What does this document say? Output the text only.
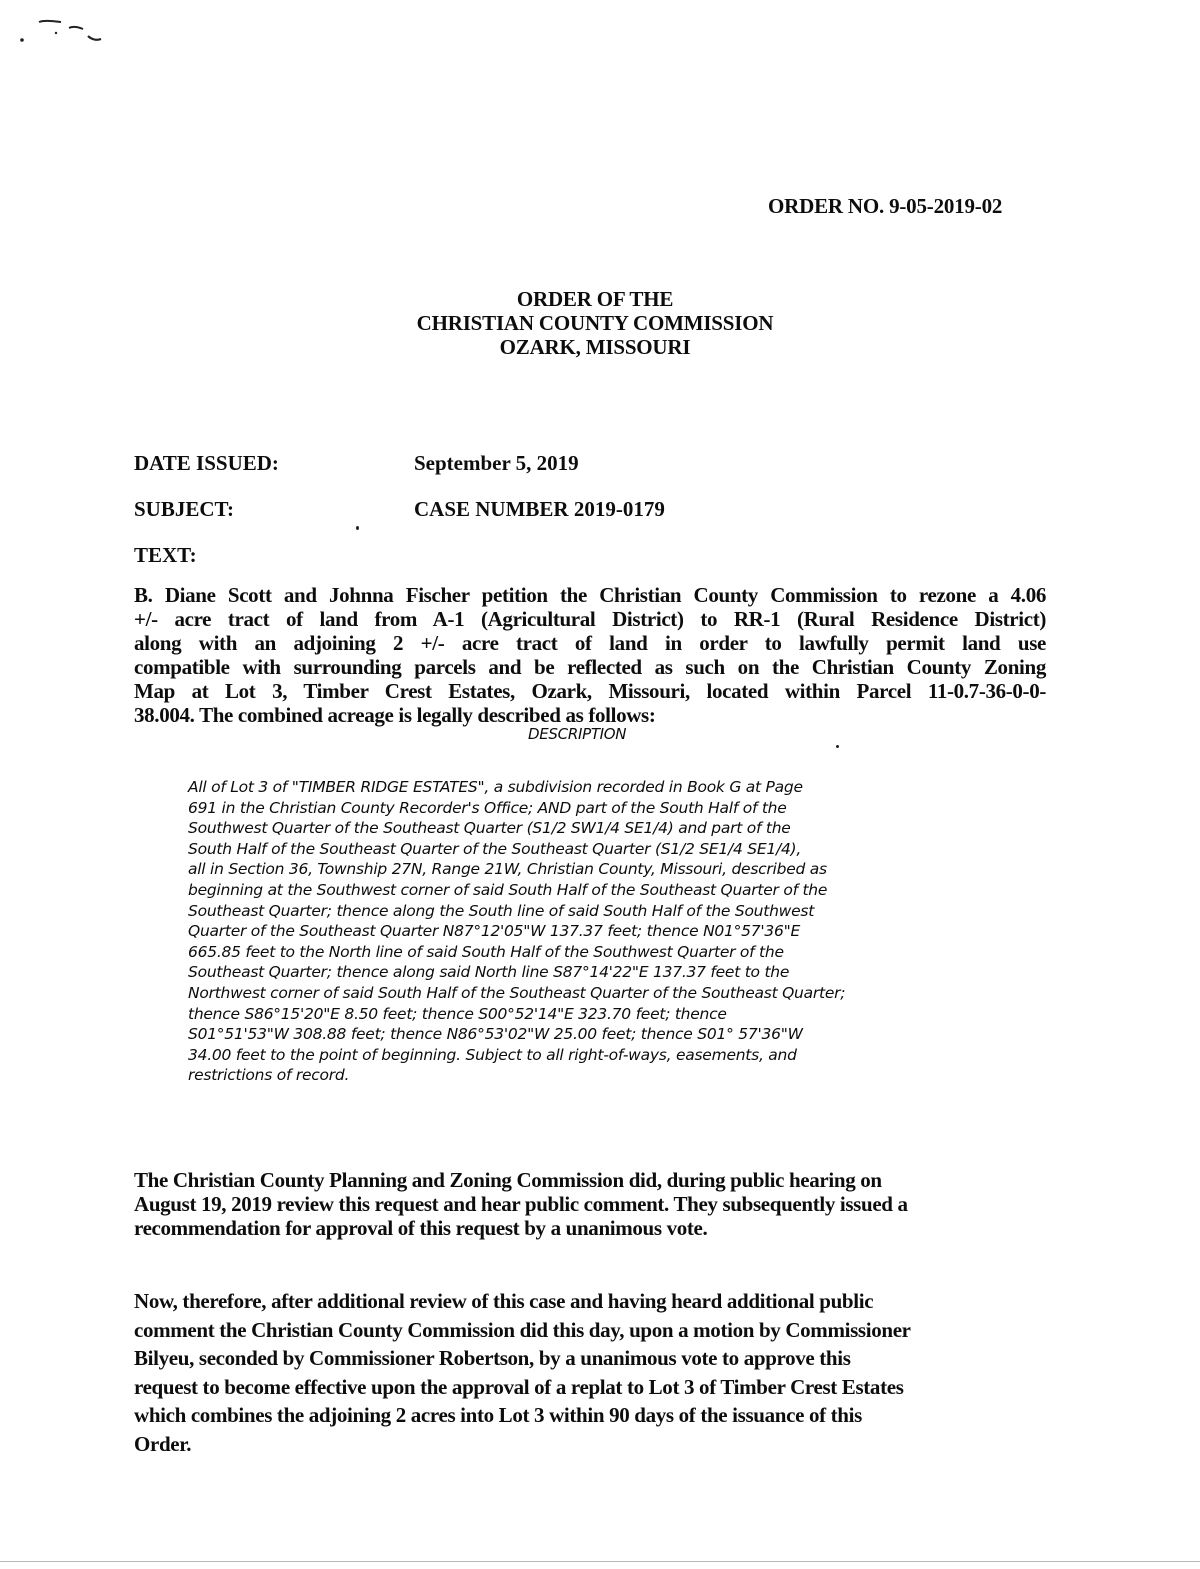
ORDER NO. 9-05-2019-02
ORDER OF THE
CHRISTIAN COUNTY COMMISSION
OZARK, MISSOURI
DATE ISSUED:	September 5, 2019
SUBJECT:	CASE NUMBER 2019-0179
TEXT:
B. Diane Scott and Johnna Fischer petition the Christian County Commission to rezone a 4.06
+/- acre tract of land from A-1 (Agricultural District) to RR-1 (Rural Residence District)
along with an adjoining 2 +/- acre tract of land in order to lawfully permit land use
compatible with surrounding parcels and be reflected as such on the Christian County Zoning
Map at Lot 3, Timber Crest Estates, Ozark, Missouri, located within Parcel 11-0.7-36-0-0-
38.004. The combined acreage is legally described as follows:
DESCRIPTION
All of Lot 3 of "TIMBER RIDGE ESTATES", a subdivision recorded in Book G at Page
691 in the Christian County Recorder's Office; AND part of the South Half of the
Southwest Quarter of the Southeast Quarter (S1/2 SW1/4 SE1/4) and part of the
South Half of the Southeast Quarter of the Southeast Quarter (S1/2 SE1/4 SE1/4),
all in Section 36, Township 27N, Range 21W, Christian County, Missouri, described as
beginning at the Southwest corner of said South Half of the Southeast Quarter of the
Southeast Quarter; thence along the South line of said South Half of the Southwest
Quarter of the Southeast Quarter N87°12'05"W 137.37 feet; thence N01°57'36"E
665.85 feet to the North line of said South Half of the Southwest Quarter of the
Southeast Quarter; thence along said North line S87°14'22"E 137.37 feet to the
Northwest corner of said South Half of the Southeast Quarter of the Southeast Quarter;
thence S86°15'20"E 8.50 feet; thence S00°52'14"E 323.70 feet; thence
S01°51'53"W 308.88 feet; thence N86°53'02"W 25.00 feet; thence S01° 57'36"W
34.00 feet to the point of beginning. Subject to all right-of-ways, easements, and
restrictions of record.
The Christian County Planning and Zoning Commission did, during public hearing on
August 19, 2019 review this request and hear public comment. They subsequently issued a
recommendation for approval of this request by a unanimous vote.
Now, therefore, after additional review of this case and having heard additional public
comment the Christian County Commission did this day, upon a motion by Commissioner
Bilyeu, seconded by Commissioner Robertson, by a unanimous vote to approve this
request to become effective upon the approval of a replat to Lot 3 of Timber Crest Estates
which combines the adjoining 2 acres into Lot 3 within 90 days of the issuance of this
Order.
